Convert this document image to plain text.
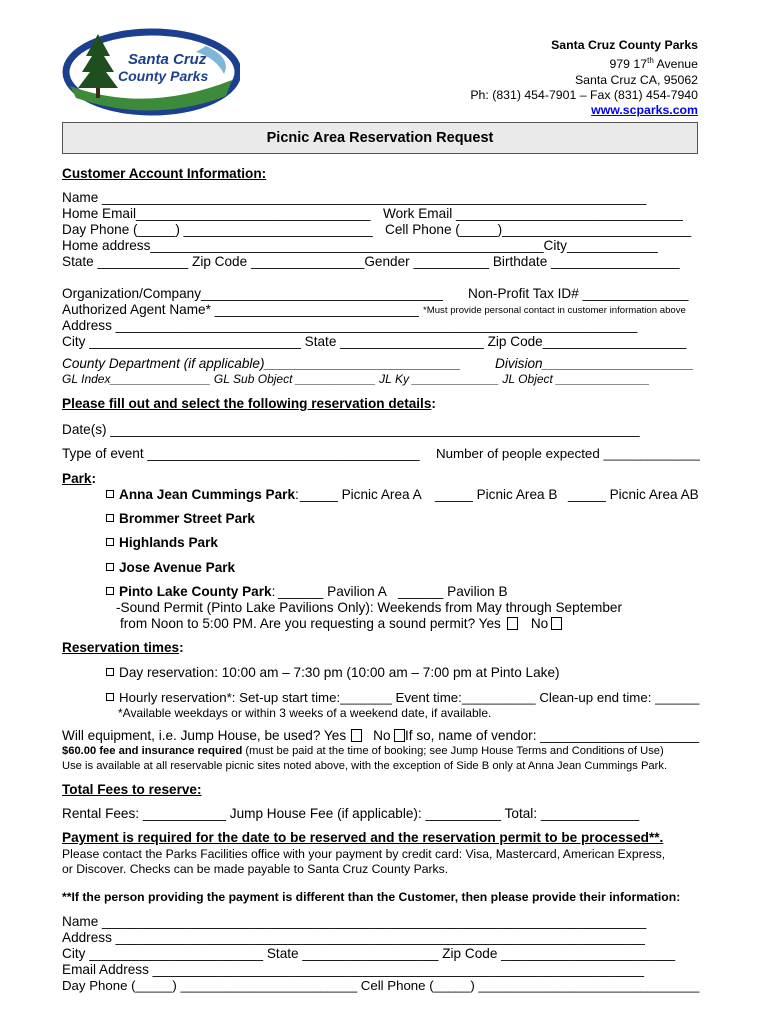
Santa Cruz
County Parks
Santa Cruz County Parks
979 17th Avenue
Santa Cruz CA, 95062
Ph: (831) 454-7901 – Fax (831) 454-7940
www.scparks.com
Picnic Area Reservation Request
Customer Account Information:
Name ________________________________________________________________________
Home Email_______________________________ Work Email ______________________________
Day Phone (_____) _________________________ Cell Phone (_____)_________________________
Home address____________________________________________________City____________
State ____________ Zip Code _______________Gender __________ Birthdate _________________
Organization/Company________________________________ Non-Profit Tax ID# ______________
Authorized Agent Name* ___________________________ *Must provide personal contact in customer information above
Address _____________________________________________________________________
City ____________________________ State ___________________ Zip Code___________________
County Department (if applicable)__________________________ Division____________________
GL Index_______________ GL Sub Object ____________ JL Ky _____________ JL Object ______________
Please fill out and select the following reservation details:
Date(s) ______________________________________________________________________
Type of event ____________________________________ Number of people expected _____________
Park:
Anna Jean Cummings Park: _____ Picnic Area A _____ Picnic Area B _____ Picnic Area AB
Brommer Street Park
Highlands Park
Jose Avenue Park
Pinto Lake County Park: ______ Pavilion A ______ Pavilion B
-Sound Permit (Pinto Lake Pavilions Only): Weekends from May through September
from Noon to 5:00 PM. Are you requesting a sound permit? Yes No
Reservation times:
Day reservation: 10:00 am – 7:30 pm (10:00 am – 7:00 pm at Pinto Lake)
Hourly reservation*: Set-up start time:_______ Event time:__________ Clean-up end time: ______
*Available weekdays or within 3 weeks of a weekend date, if available.
Will equipment, i.e. Jump House, be used? Yes No	If so, name of vendor: _____________________
$60.00 fee and insurance required (must be paid at the time of booking; see Jump House Terms and Conditions of Use)
Use is available at all reservable picnic sites noted above, with the exception of Side B only at Anna Jean Cummings Park.
Total Fees to reserve:
Rental Fees: ___________ Jump House Fee (if applicable): __________ Total: _____________
Payment is required for the date to be reserved and the reservation permit to be processed**.
Please contact the Parks Facilities office with your payment by credit card: Visa, Mastercard, American Express,
or Discover. Checks can be made payable to Santa Cruz County Parks.
**If the person providing the payment is different than the Customer, then please provide their information:
Name ________________________________________________________________________
Address ______________________________________________________________________
City _______________________ State __________________ Zip Code _______________________
Email Address _________________________________________________________________
Day Phone (_____) ________________________ Cell Phone (_____) ______________________________
